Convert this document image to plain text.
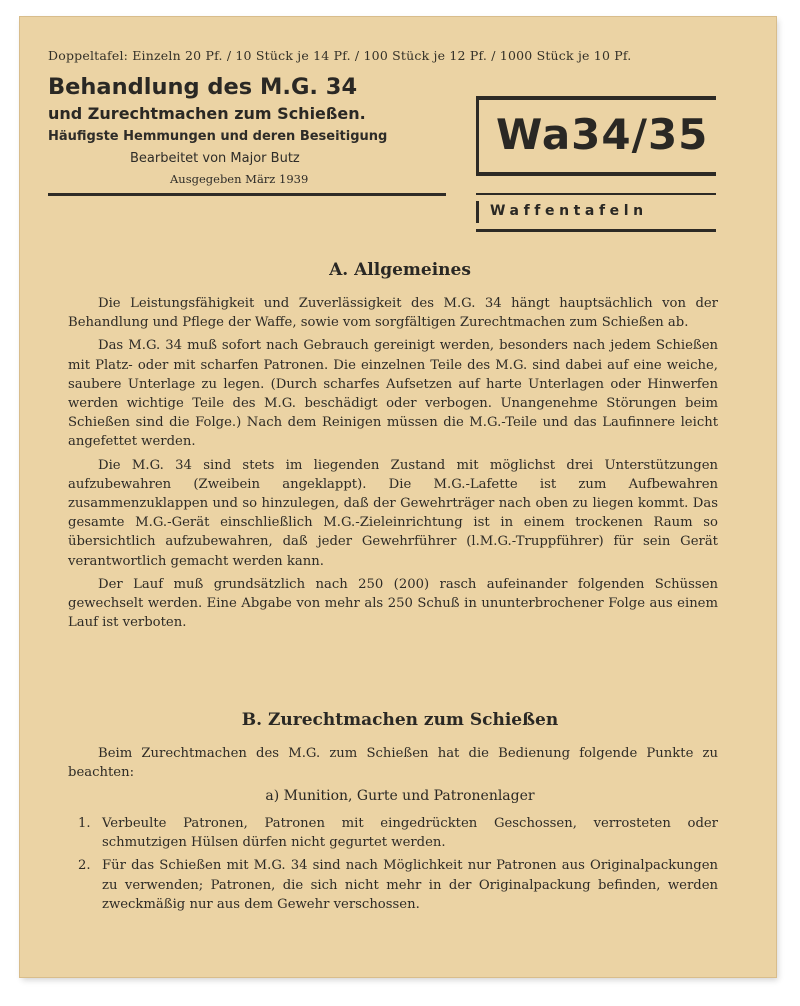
Doppeltafel: Einzeln 20 Pf. / 10 Stück je 14 Pf. / 100 Stück je 12 Pf. / 1000 Stück je 10 Pf.
Behandlung des M.G. 34
und Zurechtmachen zum Schießen.
Häufigste Hemmungen und deren Beseitigung
Bearbeitet von Major Butz
Ausgegeben März 1939
Wa34/35
Waffentafeln
A. Allgemeines

Die Leistungsfähigkeit und Zuverlässigkeit des M.G. 34 hängt hauptsächlich von der Behandlung und Pflege der Waffe, sowie vom sorgfältigen Zurechtmachen zum Schießen ab.

Das M.G. 34 muß sofort nach Gebrauch gereinigt werden, besonders nach jedem Schießen mit Platz- oder mit scharfen Patronen. Die einzelnen Teile des M.G. sind dabei auf eine weiche, saubere Unterlage zu legen. (Durch scharfes Aufsetzen auf harte Unterlagen oder Hinwerfen werden wichtige Teile des M.G. beschädigt oder verbogen. Unangenehme Störungen beim Schießen sind die Folge.) Nach dem Reinigen müssen die M.G.-Teile und das Laufinnere leicht angefettet werden.

Die M.G. 34 sind stets im liegenden Zustand mit möglichst drei Unterstützungen aufzubewahren (Zweibein angeklappt). Die M.G.-Lafette ist zum Aufbewahren zusammenzuklappen und so hinzulegen, daß der Gewehrträger nach oben zu liegen kommt. Das gesamte M.G.-Gerät einschließlich M.G.-Zieleinrichtung ist in einem trockenen Raum so übersichtlich aufzubewahren, daß jeder Gewehrführer (l.M.G.-Truppführer) für sein Gerät verantwortlich gemacht werden kann.

Der Lauf muß grundsätzlich nach 250 (200) rasch aufeinander folgenden Schüssen gewechselt werden. Eine Abgabe von mehr als 250 Schuß in ununterbrochener Folge aus einem Lauf ist verboten.

B. Zurechtmachen zum Schießen
Beim Zurechtmachen des M.G. zum Schießen hat die Bedienung folgende Punkte zu beachten:
a) Munition, Gurte und Patronenlager
1. Verbeulte Patronen, Patronen mit eingedrückten Geschossen, verrosteten oder schmutzigen Hülsen dürfen nicht gegurtet werden.
2. Für das Schießen mit M.G. 34 sind nach Möglichkeit nur Patronen aus Originalpackungen zu verwenden; Patronen, die sich nicht mehr in der Originalpackung befinden, werden zweckmäßig nur aus dem Gewehr verschossen.
